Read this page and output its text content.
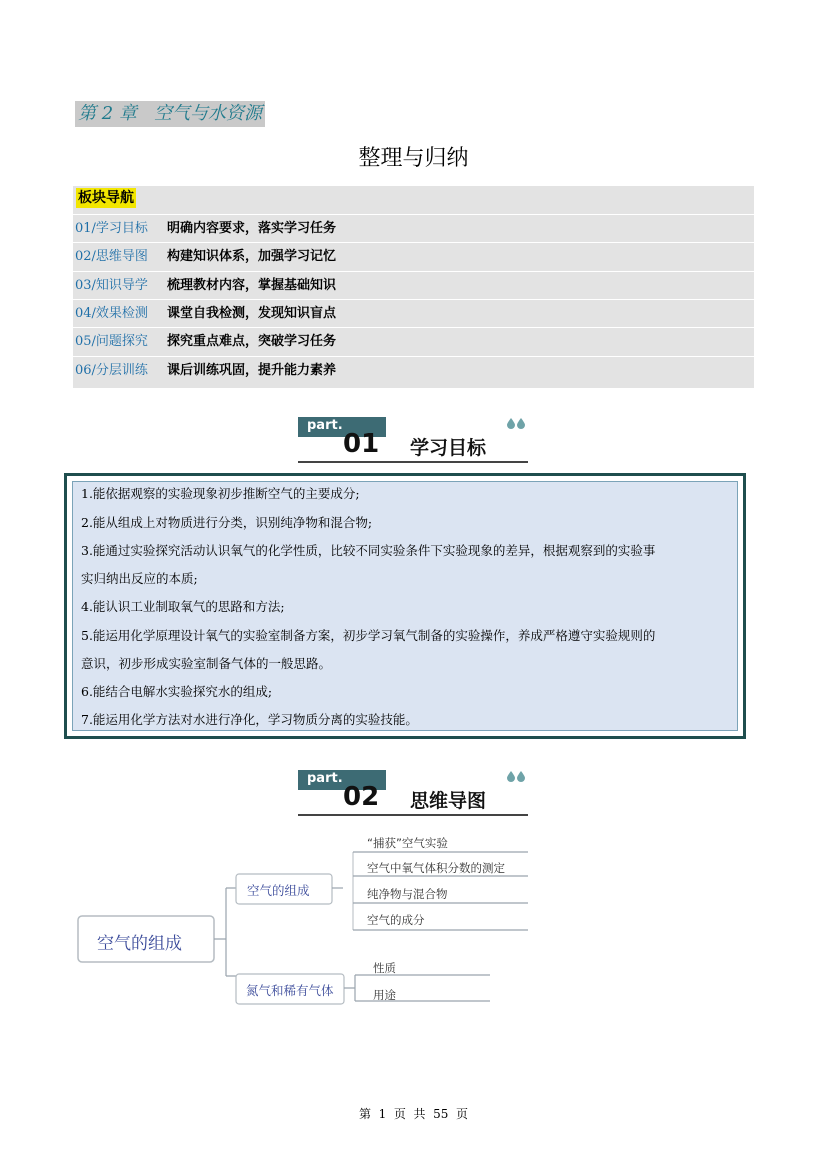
第 2 章   空气与水资源
整理与归纳
板块导航
01/学习目标 明确内容要求，落实学习任务
02/思维导图 构建知识体系，加强学习记忆
03/知识导学 梳理教材内容，掌握基础知识
04/效果检测 课堂自我检测，发现知识盲点
05/问题探究 探究重点难点，突破学习任务
06/分层训练 课后训练巩固，提升能力素养
part.
01 学习目标
1.能依据观察的实验现象初步推断空气的主要成分;
2.能从组成上对物质进行分类，识别纯净物和混合物;
3.能通过实验探究活动认识氧气的化学性质，比较不同实验条件下实验现象的差异，根据观察到的实验事
实归纳出反应的本质;
4.能认识工业制取氧气的思路和方法;
5.能运用化学原理设计氧气的实验室制备方案，初步学习氧气制备的实验操作，养成严格遵守实验规则的
意识，初步形成实验室制备气体的一般思路。
6.能结合电解水实验探究水的组成;
7.能运用化学方法对水进行净化，学习物质分离的实验技能。
part.
02 思维导图
空气的组成
空气的组成
氮气和稀有气体
“捕获”空气实验
空气中氧气体积分数的测定
纯净物与混合物
空气的成分
性质
用途
第  1  页  共  55  页
